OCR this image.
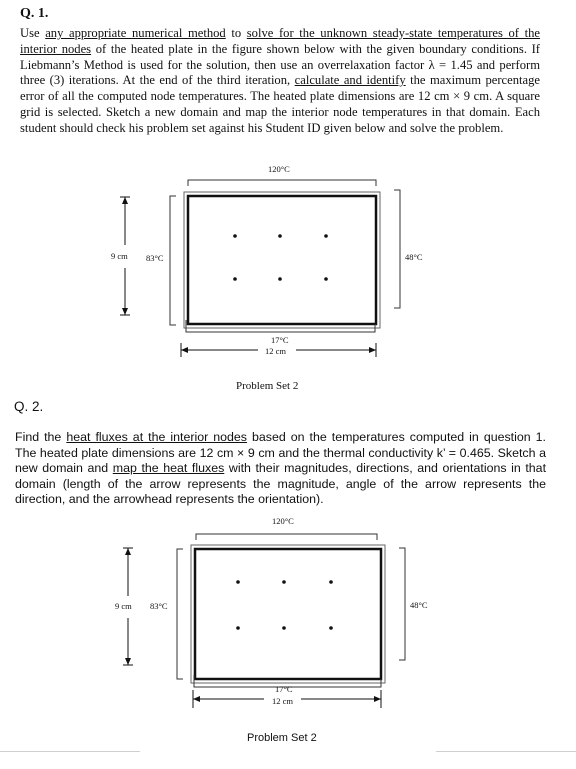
Q. 1.
Use any appropriate numerical method to solve for the unknown steady-state temperatures of the interior nodes of the heated plate in the figure shown below with the given boundary conditions. If Liebmann’s Method is used for the solution, then use an overrelaxation factor λ = 1.45 and perform three (3) iterations. At the end of the third iteration, calculate and identify the maximum percentage error of all the computed node temperatures. The heated plate dimensions are 12 cm × 9 cm. A square grid is selected. Sketch a new domain and map the interior node temperatures in that domain. Each student should check his problem set against his Student ID given below and solve the problem.
120°C
83°C	48°C
17°C
9 cm
12 cm
Problem Set 2
Q. 2.
Find the heat fluxes at the interior nodes based on the temperatures computed in question 1. The heated plate dimensions are 12 cm × 9 cm and the thermal conductivity k’ = 0.465. Sketch a new domain and map the heat fluxes with their magnitudes, directions, and orientations in that domain (length of the arrow represents the magnitude, angle of the arrow represents the direction, and the arrowhead represents the orientation).
120°C
83°C	48°C
17°C
9 cm
12 cm
Problem Set 2
